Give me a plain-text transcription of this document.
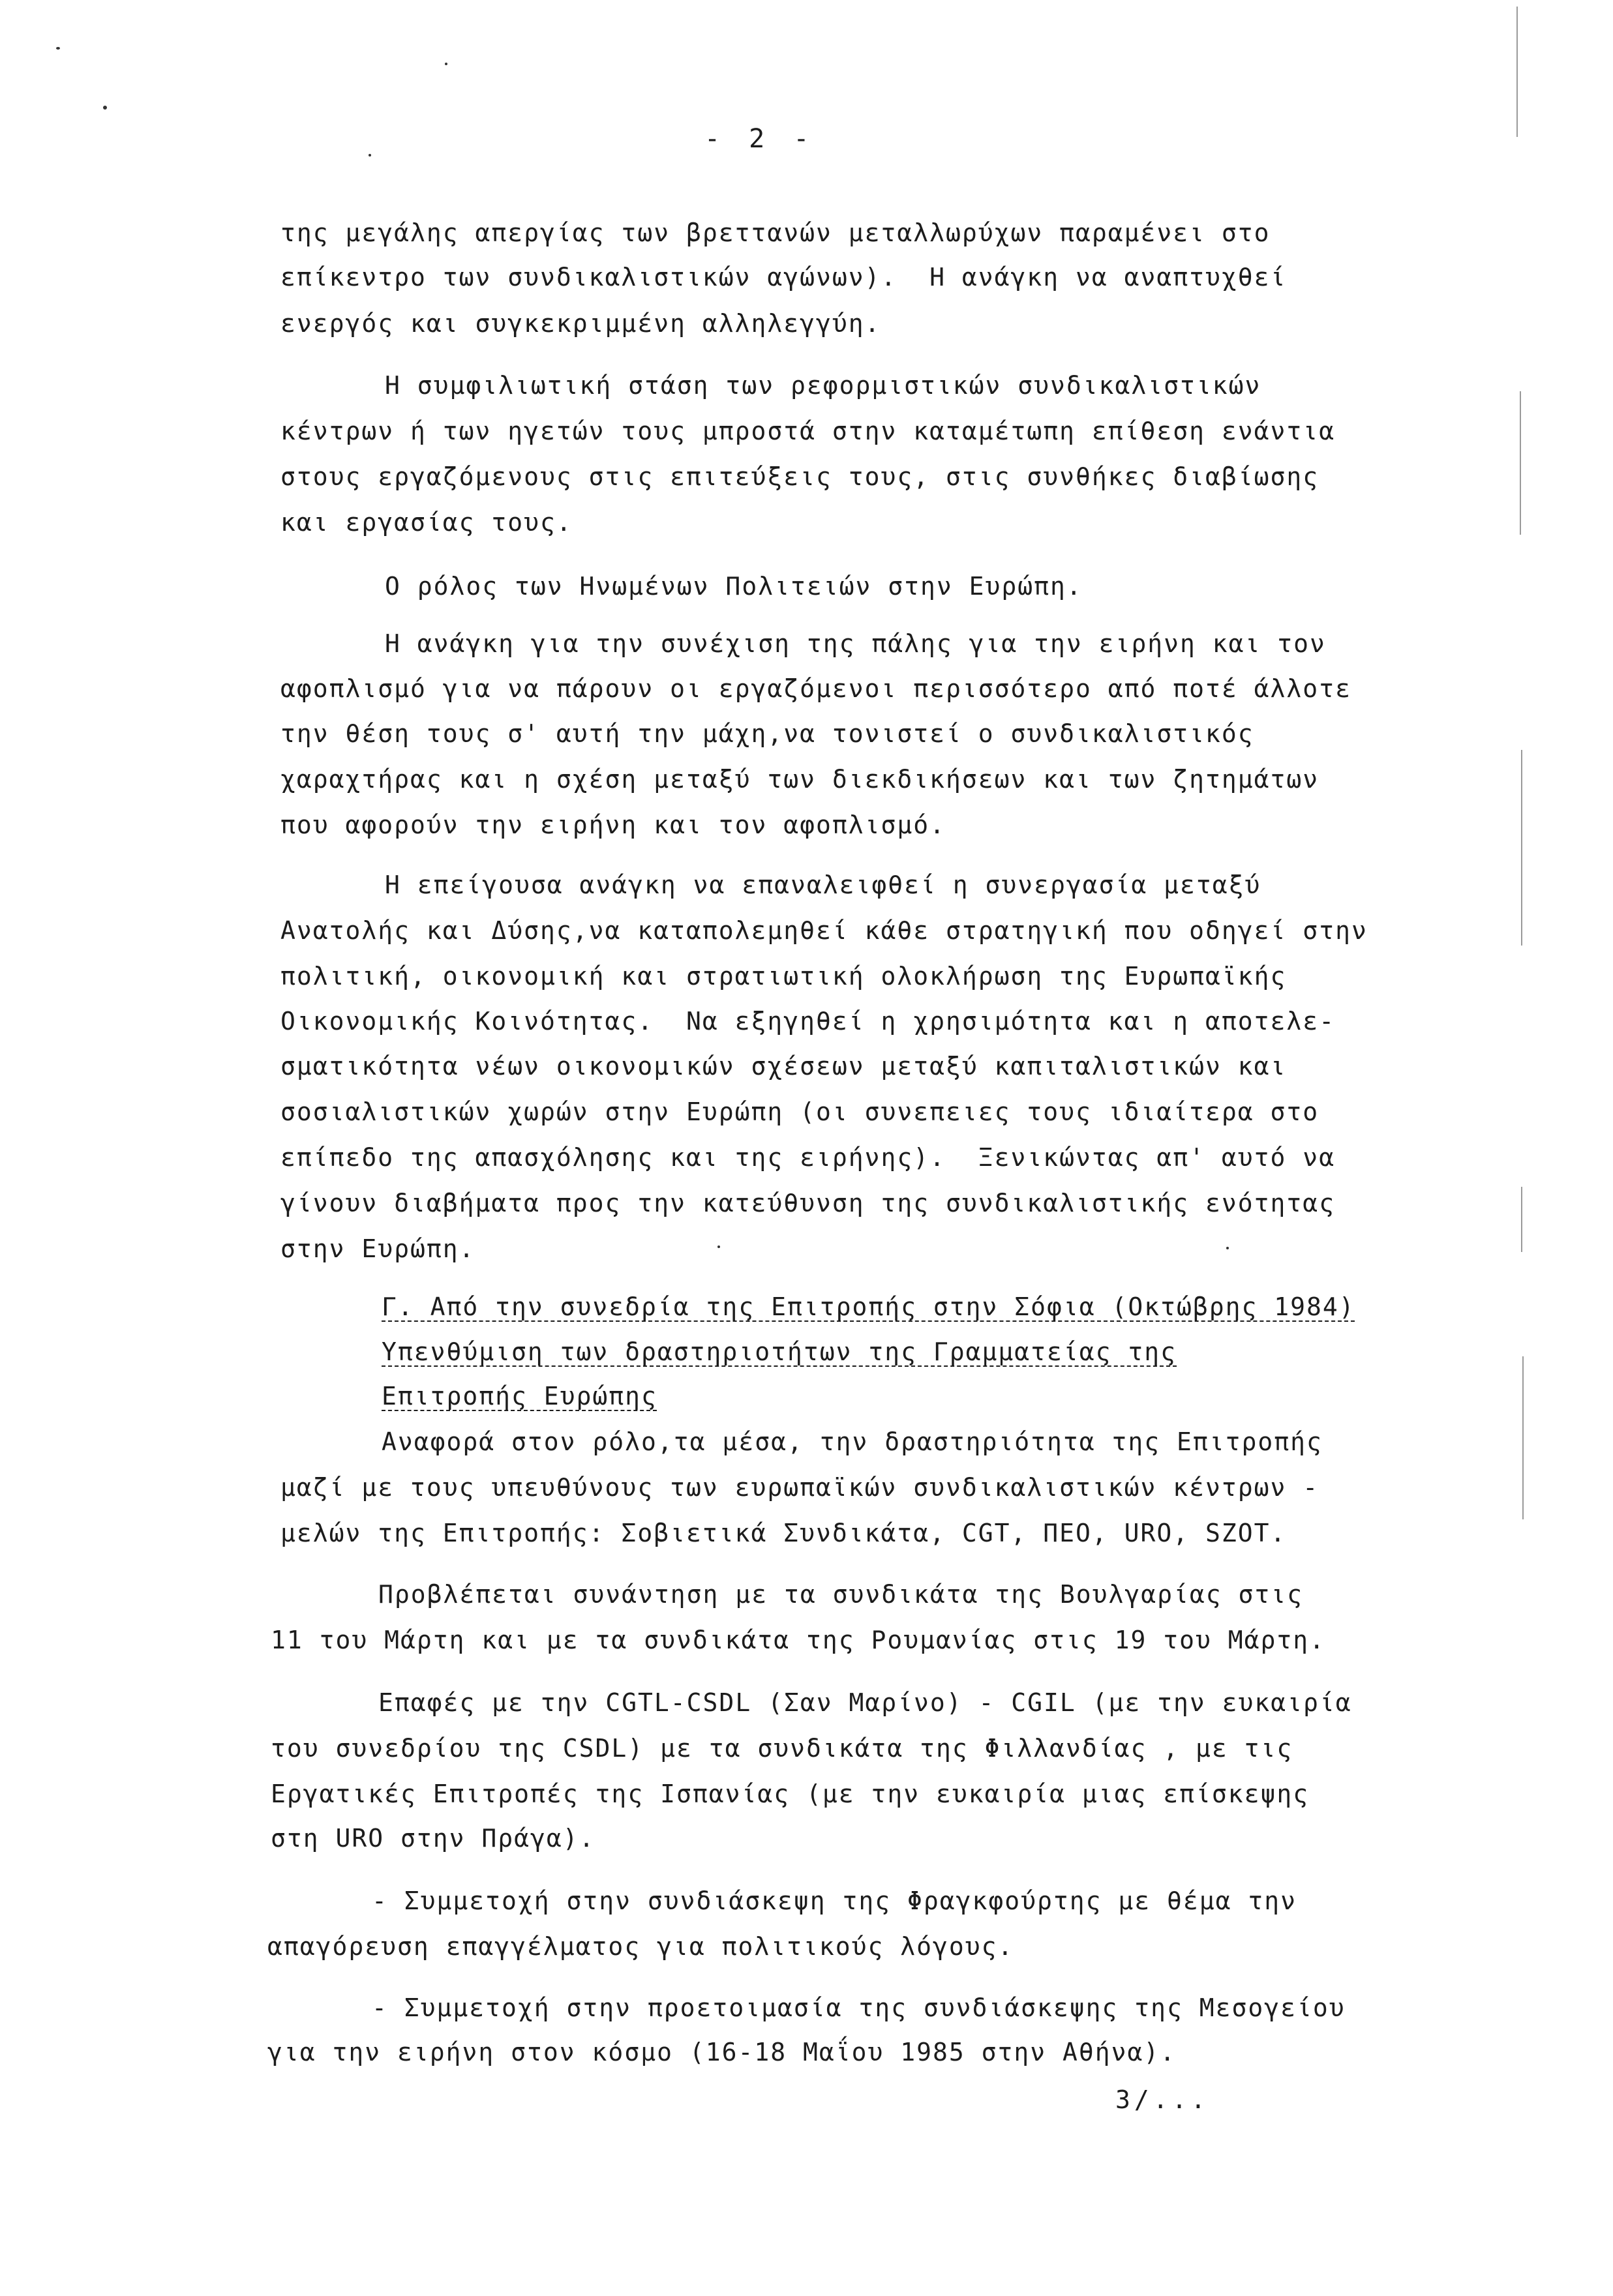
- 2 -
της μεγάλης απεργίας των βρεττανών μεταλλωρύχων παραμένει στο
επίκεντρο των συνδικαλιστικών αγώνων).  Η ανάγκη να αναπτυχθεί
ενεργός και συγκεκριμμένη αλληλεγγύη.
Η συμφιλιωτική στάση των ρεφορμιστικών συνδικαλιστικών
κέντρων ή των ηγετών τους μπροστά στην καταμέτωπη επίθεση ενάντια
στους εργαζόμενους στις επιτεύξεις τους, στις συνθήκες διαβίωσης
και εργασίας τους.
Ο ρόλος των Ηνωμένων Πολιτειών στην Ευρώπη.
Η ανάγκη για την συνέχιση της πάλης για την ειρήνη και τον
αφοπλισμό για να πάρουν οι εργαζόμενοι περισσότερο από ποτέ άλλοτε
την θέση τους σ' αυτή την μάχη,να τονιστεί ο συνδικαλιστικός
χαραχτήρας και η σχέση μεταξύ των διεκδικήσεων και των ζητημάτων
που αφορούν την ειρήνη και τον αφοπλισμό.
Η επείγουσα ανάγκη να επαναλειφθεί η συνεργασία μεταξύ
Ανατολής και Δύσης,να καταπολεμηθεί κάθε στρατηγική που οδηγεί στην
πολιτική, οικονομική και στρατιωτική ολοκλήρωση της Ευρωπαϊκής
Οικονομικής Κοινότητας.  Να εξηγηθεί η χρησιμότητα και η αποτελε-
σματικότητα νέων οικονομικών σχέσεων μεταξύ καπιταλιστικών και
σοσιαλιστικών χωρών στην Ευρώπη (οι συνεπειες τους ιδιαίτερα στο
επίπεδο της απασχόλησης και της ειρήνης).  Ξενικώντας απ' αυτό να
γίνουν διαβήματα προς την κατεύθυνση της συνδικαλιστικής ενότητας
στην Ευρώπη.
Γ. Από την συνεδρία της Επιτροπής στην Σόφια (Οκτώβρης 1984)
Υπενθύμιση των δραστηριοτήτων της Γραμματείας της
Επιτροπής Ευρώπης
Αναφορά στον ρόλο,τα μέσα, την δραστηριότητα της Επιτροπής
μαζί με τους υπευθύνους των ευρωπαϊκών συνδικαλιστικών κέντρων -
μελών της Επιτροπής: Σοβιετικά Συνδικάτα, CGT, ΠΕΟ, URO, SZOT.
Προβλέπεται συνάντηση με τα συνδικάτα της Βουλγαρίας στις
11 του Μάρτη και με τα συνδικάτα της Ρουμανίας στις 19 του Μάρτη.
Επαφές με την CGTL-CSDL (Σαν Μαρίνο) - CGIL (με την ευκαιρία
του συνεδρίου της CSDL) με τα συνδικάτα της Φιλλανδίας , με τις
Εργατικές Επιτροπές της Ισπανίας (με την ευκαιρία μιας επίσκεψης
στη URO στην Πράγα).
- Συμμετοχή στην συνδιάσκεψη της Φραγκφούρτης με θέμα την
απαγόρευση επαγγέλματος για πολιτικούς λόγους.
- Συμμετοχή στην προετοιμασία της συνδιάσκεψης της Μεσογείου
για την ειρήνη στον κόσμο (16-18 Μαΐου 1985 στην Αθήνα).
3/...
